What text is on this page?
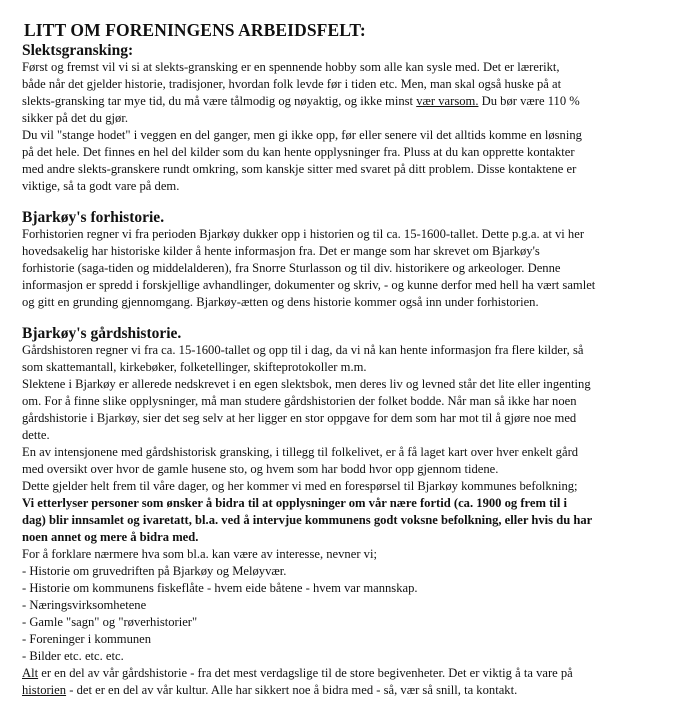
LITT OM FORENINGENS ARBEIDSFELT:
Slektsgransking:
Først og fremst vil vi si at slekts-gransking er en spennende hobby som alle kan sysle med. Det er lærerikt,
både når det gjelder historie, tradisjoner, hvordan folk levde før i tiden etc. Men, man skal også huske på at
slekts-gransking tar mye tid, du må være tålmodig og nøyaktig, og ikke minst vær varsom. Du bør være 110 %
sikker på det du gjør.
Du vil "stange hodet" i veggen en del ganger, men gi ikke opp, før eller senere vil det alltids komme en løsning
på det hele. Det finnes en hel del kilder som du kan hente opplysninger fra. Pluss at du kan opprette kontakter
med andre slekts-granskere rundt omkring, som kanskje sitter med svaret på ditt problem. Disse kontaktene er
viktige, så ta godt vare på dem.
Bjarkøy's forhistorie.
Forhistorien regner vi fra perioden Bjarkøy dukker opp i historien og til ca. 15-1600-tallet. Dette p.g.a. at vi her
hovedsakelig har historiske kilder å hente informasjon fra. Det er mange som har skrevet om Bjarkøy's
forhistorie (saga-tiden og middelalderen), fra Snorre Sturlasson og til div. historikere og arkeologer. Denne
informasjon er spredd i forskjellige avhandlinger, dokumenter og skriv, - og kunne derfor med hell ha vært samlet
og gitt en grunding gjennomgang. Bjarkøy-ætten og dens historie kommer også inn under forhistorien.
Bjarkøy's gårdshistorie.
Gårdshistoren regner vi fra ca. 15-1600-tallet og opp til i dag, da vi nå kan hente informasjon fra flere kilder, så
som skattemantall, kirkebøker, folketellinger, skifteprotokoller m.m.
Slektene i Bjarkøy er allerede nedskrevet i en egen slektsbok, men deres liv og levned står det lite eller ingenting
om. For å finne slike opplysninger, må man studere gårdshistorien der folket bodde. Når man så ikke har noen
gårdshistorie i Bjarkøy, sier det seg selv at her ligger en stor oppgave for dem som har mot til å gjøre noe med
dette.
En av intensjonene med gårdshistorisk gransking, i tillegg til folkelivet, er å få laget kart over hver enkelt gård
med oversikt over hvor de gamle husene sto, og hvem som har bodd hvor opp gjennom tidene.
Dette gjelder helt frem til våre dager, og her kommer vi med en forespørsel til Bjarkøy kommunes befolkning;
Vi etterlyser personer som ønsker å bidra til at opplysninger om vår nære fortid (ca. 1900 og frem til i
dag) blir innsamlet og ivaretatt, bl.a. ved å intervjue kommunens godt voksne befolkning, eller hvis du har
noen annet og mere å bidra med.
For å forklare nærmere hva som bl.a. kan være av interesse, nevner vi;
- Historie om gruvedriften på Bjarkøy og Meløyvær.
- Historie om kommunens fiskeflåte - hvem eide båtene - hvem var mannskap.
- Næringsvirksomhetene
- Gamle "sagn" og "røverhistorier"
- Foreninger i kommunen
- Bilder etc. etc. etc.
Alt er en del av vår gårdshistorie - fra det mest verdagslige til de store begivenheter. Det er viktig å ta vare på
historien - det er en del av vår kultur. Alle har sikkert noe å bidra med - så, vær så snill, ta kontakt.
